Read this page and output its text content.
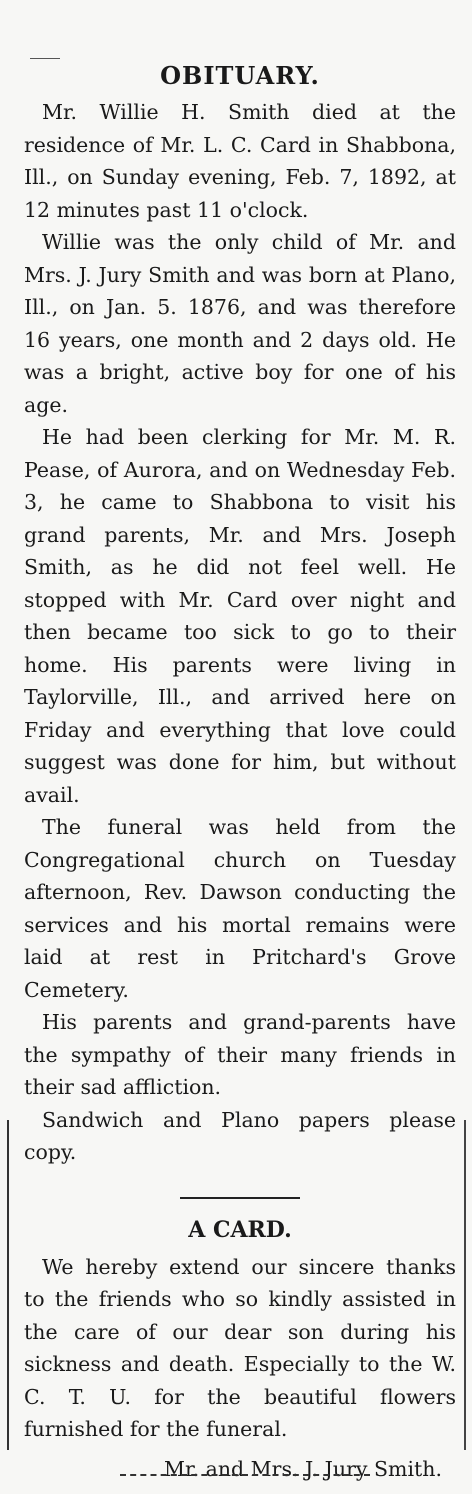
OBITUARY.

Mr. Willie H. Smith died at the residence of Mr. L. C. Card in Shabbona, Ill., on Sunday evening, Feb. 7, 1892, at 12 minutes past 11 o'clock.

Willie was the only child of Mr. and Mrs. J. Jury Smith and was born at Plano, Ill., on Jan. 5. 1876, and was therefore 16 years, one month and 2 days old. He was a bright, active boy for one of his age.

He had been clerking for Mr. M. R. Pease, of Aurora, and on Wednesday Feb. 3, he came to Shabbona to visit his grand parents, Mr. and Mrs. Joseph Smith, as he did not feel well. He stopped with Mr. Card over night and then became too sick to go to their home. His parents were living in Taylorville, Ill., and arrived here on Friday and everything that love could suggest was done for him, but without avail.

The funeral was held from the Congregational church on Tuesday afternoon, Rev. Dawson conducting the services and his mortal remains were laid at rest in Pritchard's Grove Cemetery.

His parents and grand-parents have the sympathy of their many friends in their sad affliction.

Sandwich and Plano papers please copy.

A CARD.

We hereby extend our sincere thanks to the friends who so kindly assisted in the care of our dear son during his sickness and death. Especially to the W. C. T. U. for the beautiful flowers furnished for the funeral.

Mr. and Mrs. J. Jury Smith.
